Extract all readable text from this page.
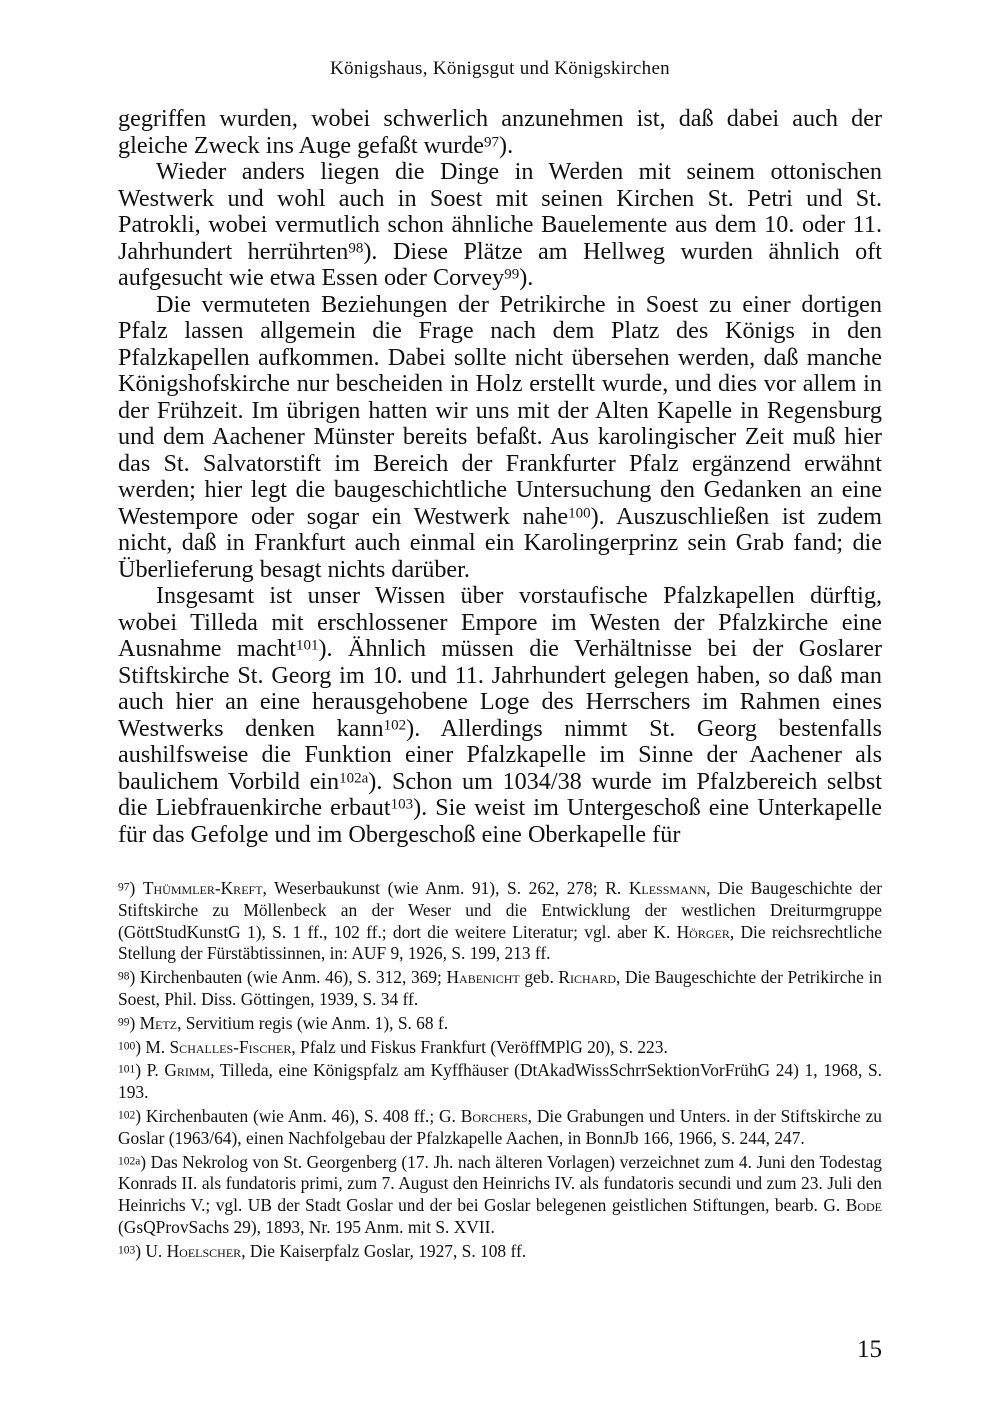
Königshaus, Königsgut und Königskirchen

gegriffen wurden, wobei schwerlich anzunehmen ist, daß dabei auch der gleiche Zweck ins Auge gefaßt wurde$^{97}$).

Wieder anders liegen die Dinge in Werden mit seinem ottonischen Westwerk und wohl auch in Soest mit seinen Kirchen St. Petri und St. Patrokli, wobei vermutlich schon ähnliche Bauelemente aus dem 10. oder 11. Jahrhundert herrührten$^{98}$). Diese Plätze am Hellweg wurden ähnlich oft aufgesucht wie etwa Essen oder Corvey$^{99}$).

Die vermuteten Beziehungen der Petrikirche in Soest zu einer dortigen Pfalz lassen allgemein die Frage nach dem Platz des Königs in den Pfalzkapellen aufkommen. Dabei sollte nicht übersehen werden, daß manche Königshofskirche nur bescheiden in Holz erstellt wurde, und dies vor allem in der Frühzeit. Im übrigen hatten wir uns mit der Alten Kapelle in Regensburg und dem Aachener Münster bereits befaßt. Aus karolingischer Zeit muß hier das St. Salvatorstift im Bereich der Frankfurter Pfalz ergänzend erwähnt werden; hier legt die baugeschichtliche Untersuchung den Gedanken an eine Westempore oder sogar ein Westwerk nahe$^{100}$). Auszuschließen ist zudem nicht, daß in Frankfurt auch einmal ein Karolingerprinz sein Grab fand; die Überlieferung besagt nichts darüber.

Insgesamt ist unser Wissen über vorstaufische Pfalzkapellen dürftig, wobei Tilleda mit erschlossener Empore im Westen der Pfalzkirche eine Ausnahme macht$^{101}$). Ähnlich müssen die Verhältnisse bei der Goslarer Stiftskirche St. Georg im 10. und 11. Jahrhundert gelegen haben, so daß man auch hier an eine herausgehobene Loge des Herrschers im Rahmen eines Westwerks denken kann$^{102}$). Allerdings nimmt St. Georg bestenfalls aushilfsweise die Funktion einer Pfalzkapelle im Sinne der Aachener als baulichem Vorbild ein$^{102a}$). Schon um 1034/38 wurde im Pfalzbereich selbst die Liebfrauenkirche erbaut$^{103}$). Sie weist im Untergeschoß eine Unterkapelle für das Gefolge und im Obergeschoß eine Oberkapelle für

$^{97}$) Thümmler-Kreft, Weserbaukunst (wie Anm. 91), S. 262, 278; R. Klessmann, Die Baugeschichte der Stiftskirche zu Möllenbeck an der Weser und die Entwicklung der westlichen Dreiturmgruppe (GöttStudKunstG 1), S. 1 ff., 102 ff.; dort die weitere Literatur; vgl. aber K. Hörger, Die reichsrechtliche Stellung der Fürstäbtissinnen, in: AUF 9, 1926, S. 199, 213 ff.

$^{98}$) Kirchenbauten (wie Anm. 46), S. 312, 369; Habenicht geb. Richard, Die Baugeschichte der Petrikirche in Soest, Phil. Diss. Göttingen, 1939, S. 34 ff.

$^{99}$) Metz, Servitium regis (wie Anm. 1), S. 68 f.

$^{100}$) M. Schalles-Fischer, Pfalz und Fiskus Frankfurt (VeröffMPlG 20), S. 223.

$^{101}$) P. Grimm, Tilleda, eine Königspfalz am Kyffhäuser (DtAkadWissSchrrSektionVorFrühG 24) 1, 1968, S. 193.

$^{102}$) Kirchenbauten (wie Anm. 46), S. 408 ff.; G. Borchers, Die Grabungen und Unters. in der Stiftskirche zu Goslar (1963/64), einen Nachfolgebau der Pfalzkapelle Aachen, in BonnJb 166, 1966, S. 244, 247.

$^{102a}$) Das Nekrolog von St. Georgenberg (17. Jh. nach älteren Vorlagen) verzeichnet zum 4. Juni den Todestag Konrads II. als fundatoris primi, zum 7. August den Heinrichs IV. als fundatoris secundi und zum 23. Juli den Heinrichs V.; vgl. UB der Stadt Goslar und der bei Goslar belegenen geistlichen Stiftungen, bearb. G. Bode (GsQProvSachs 29), 1893, Nr. 195 Anm. mit S. XVII.

$^{103}$) U. Hoelscher, Die Kaiserpfalz Goslar, 1927, S. 108 ff.

15
